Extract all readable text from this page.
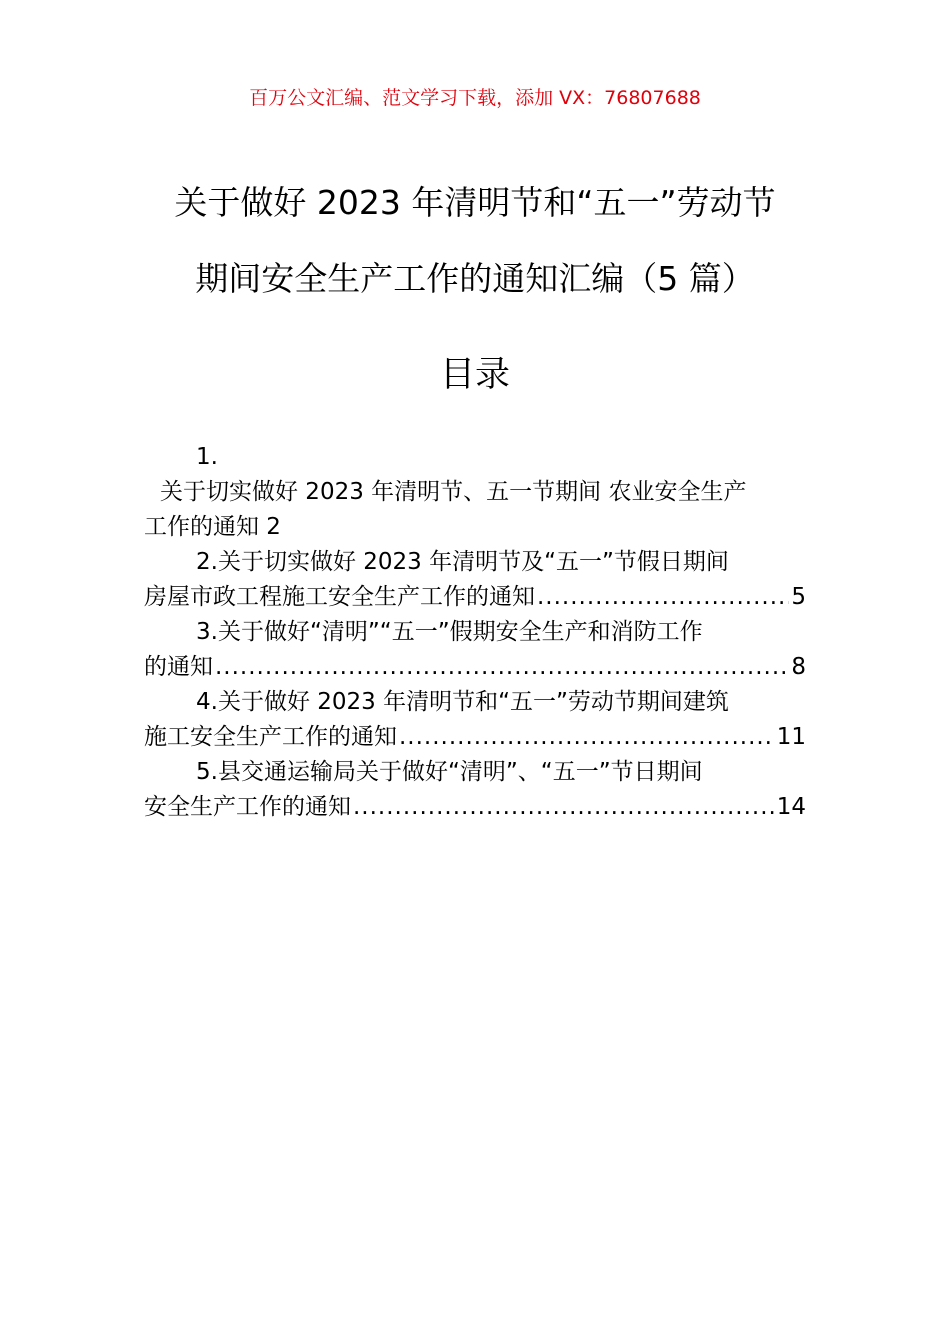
百万公文汇编、范文学习下载，添加 VX：76807688
关于做好 2023 年清明节和“五一”劳动节
期间安全生产工作的通知汇编（5 篇）
目录
1.
关于切实做好 2023 年清明节、五一节期间 农业安全生产
工作的通知 2
2.关于切实做好 2023 年清明节及“五一”节假日期间
房屋市政工程施工安全生产工作的通知 .....	5
3.关于做好“清明”“五一”假期安全生产和消防工作
的通知 .....	8
4.关于做好 2023 年清明节和“五一”劳动节期间建筑
施工安全生产工作的通知 .....	11
5.县交通运输局关于做好“清明”、“五一”节日期间
安全生产工作的通知 .....	14
